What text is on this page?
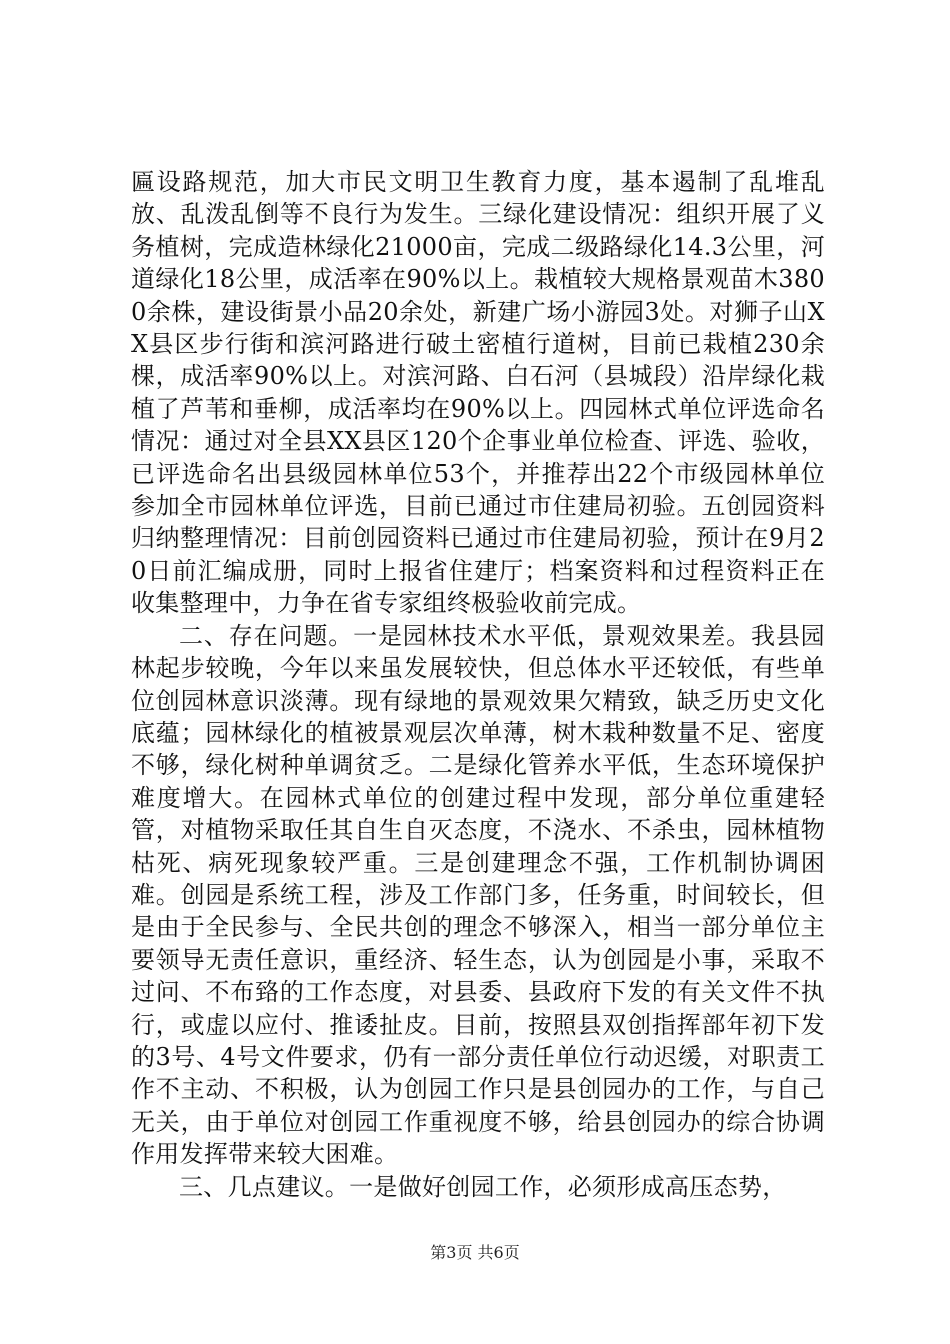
匾设路规范，加大市民文明卫生教育力度，基本遏制了乱堆乱放、乱泼乱倒等不良行为发生。三绿化建设情况：组织开展了义务植树，完成造林绿化21000亩，完成二级路绿化14.3公里，河道绿化18公里，成活率在90%以上。栽植较大规格景观苗木3800余株，建设街景小品20余处，新建广场小游园3处。对狮子山XX县区步行街和滨河路进行破土密植行道树，目前已栽植230余棵，成活率90%以上。对滨河路、白石河（县城段）沿岸绿化栽植了芦苇和垂柳，成活率均在90%以上。四园林式单位评选命名情况：通过对全县XX县区120个企事业单位检查、评选、验收，已评选命名出县级园林单位53个，并推荐出22个市级园林单位参加全市园林单位评选，目前已通过市住建局初验。五创园资料归纳整理情况：目前创园资料已通过市住建局初验，预计在9月20日前汇编成册，同时上报省住建厅；档案资料和过程资料正在收集整理中，力争在省专家组终极验收前完成。

二、存在问题。一是园林技术水平低，景观效果差。我县园林起步较晚，今年以来虽发展较快，但总体水平还较低，有些单位创园林意识淡薄。现有绿地的景观效果欠精致，缺乏历史文化底蕴；园林绿化的植被景观层次单薄，树木栽种数量不足、密度不够，绿化树种单调贫乏。二是绿化管养水平低，生态环境保护难度增大。在园林式单位的创建过程中发现，部分单位重建轻管，对植物采取任其自生自灭态度，不浇水、不杀虫，园林植物枯死、病死现象较严重。三是创建理念不强，工作机制协调困难。创园是系统工程，涉及工作部门多，任务重，时间较长，但是由于全民参与、全民共创的理念不够深入，相当一部分单位主要领导无责任意识，重经济、轻生态，认为创园是小事，采取不过问、不布臵的工作态度，对县委、县政府下发的有关文件不执行，或虚以应付、推诿扯皮。目前，按照县双创指挥部年初下发的3号、4号文件要求，仍有一部分责任单位行动迟缓，对职责工作不主动、不积极，认为创园工作只是县创园办的工作，与自己无关，由于单位对创园工作重视度不够，给县创园办的综合协调作用发挥带来较大困难。

三、几点建议。一是做好创园工作，必须形成高压态势，

第3页 共6页
